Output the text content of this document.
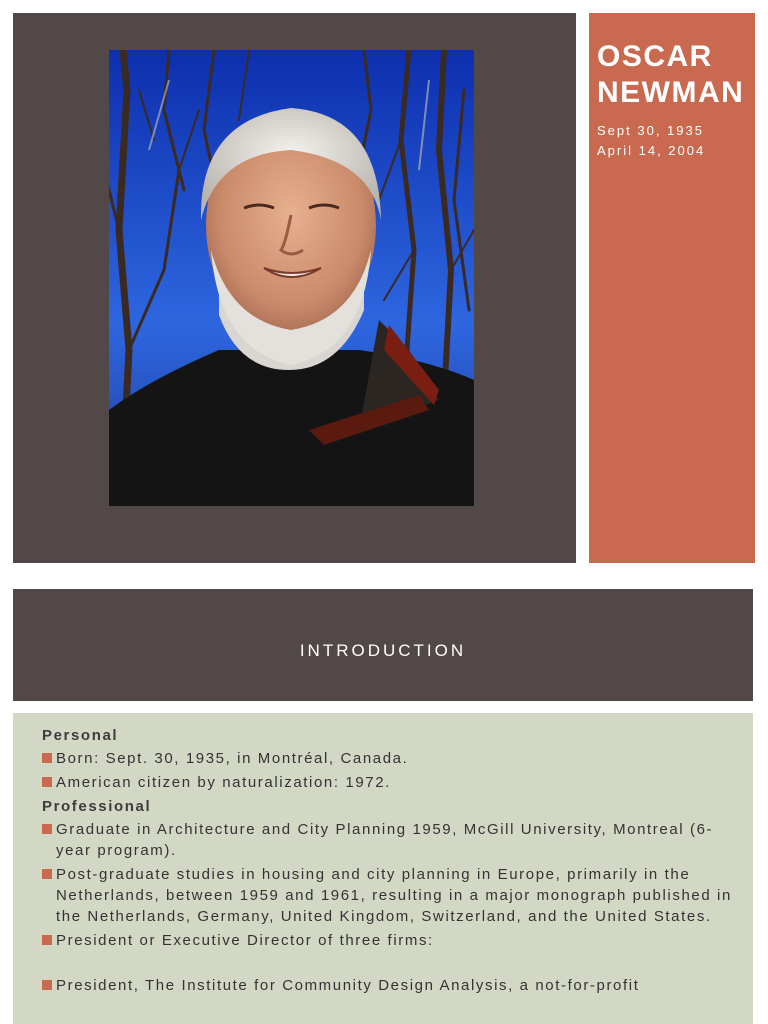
OSCAR
NEWMAN
Sept 30, 1935
April 14, 2004
INTRODUCTION
Personal
Born: Sept. 30, 1935, in Montréal, Canada.
American citizen by naturalization: 1972.
Professional
Graduate in Architecture and City Planning 1959, McGill University, Montreal (6-year program).
Post-graduate studies in housing and city planning in Europe, primarily in the Netherlands, between 1959 and 1961, resulting in a major monograph published in the Netherlands, Germany, United Kingdom, Switzerland, and the United States.
President or Executive Director of three firms:
President, The Institute for Community Design Analysis, a not-for-profit
